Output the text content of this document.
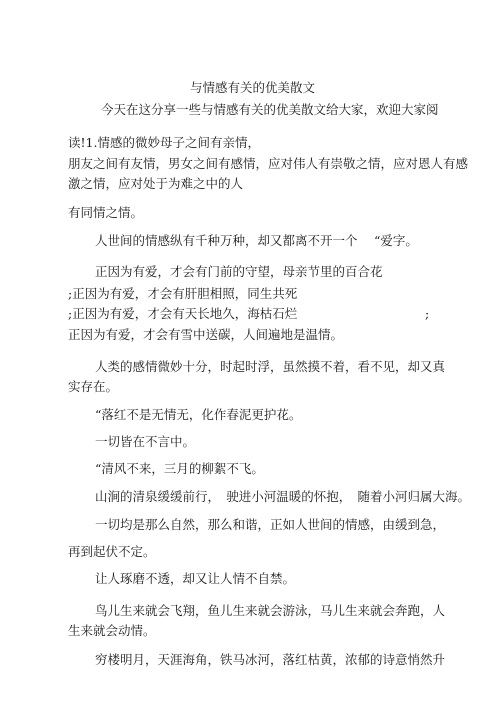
与情感有关的优美散文
今天在这分享一些与情感有关的优美散文给大家，欢迎大家阅
读!1.情感的微妙母子之间有亲情，
朋友之间有友情，男女之间有感情，应对伟人有崇敬之情，应对恩人有感
激之情，应对处于为难之中的人
有同情之情。
人世间的情感纵有千种万种，却又都离不开一个　 “爱字。
正因为有爱，才会有门前的守望，母亲节里的百合花
;正因为有爱，才会有肝胆相照，同生共死
;正因为有爱，才会有天长地久，海枯石烂	;
正因为有爱，才会有雪中送碳，人间遍地是温情。
人类的感情微妙十分，时起时浮，虽然摸不着，看不见，却又真
实存在。
“落红不是无情无，化作春泥更护花。
一切皆在不言中。
“清风不来，三月的柳絮不飞。
山涧的清泉缓缓前行，　驶进小河温暖的怀抱，　随着小河归属大海。
一切均是那么自然，那么和谐，正如人世间的情感，由缓到急，
再到起伏不定。
让人琢磨不透，却又让人情不自禁。
鸟儿生来就会飞翔，鱼儿生来就会游泳，马儿生来就会奔跑，人
生来就会动情。
穷楼明月，天涯海角，铁马冰河，落红枯黄，浓郁的诗意悄然升
